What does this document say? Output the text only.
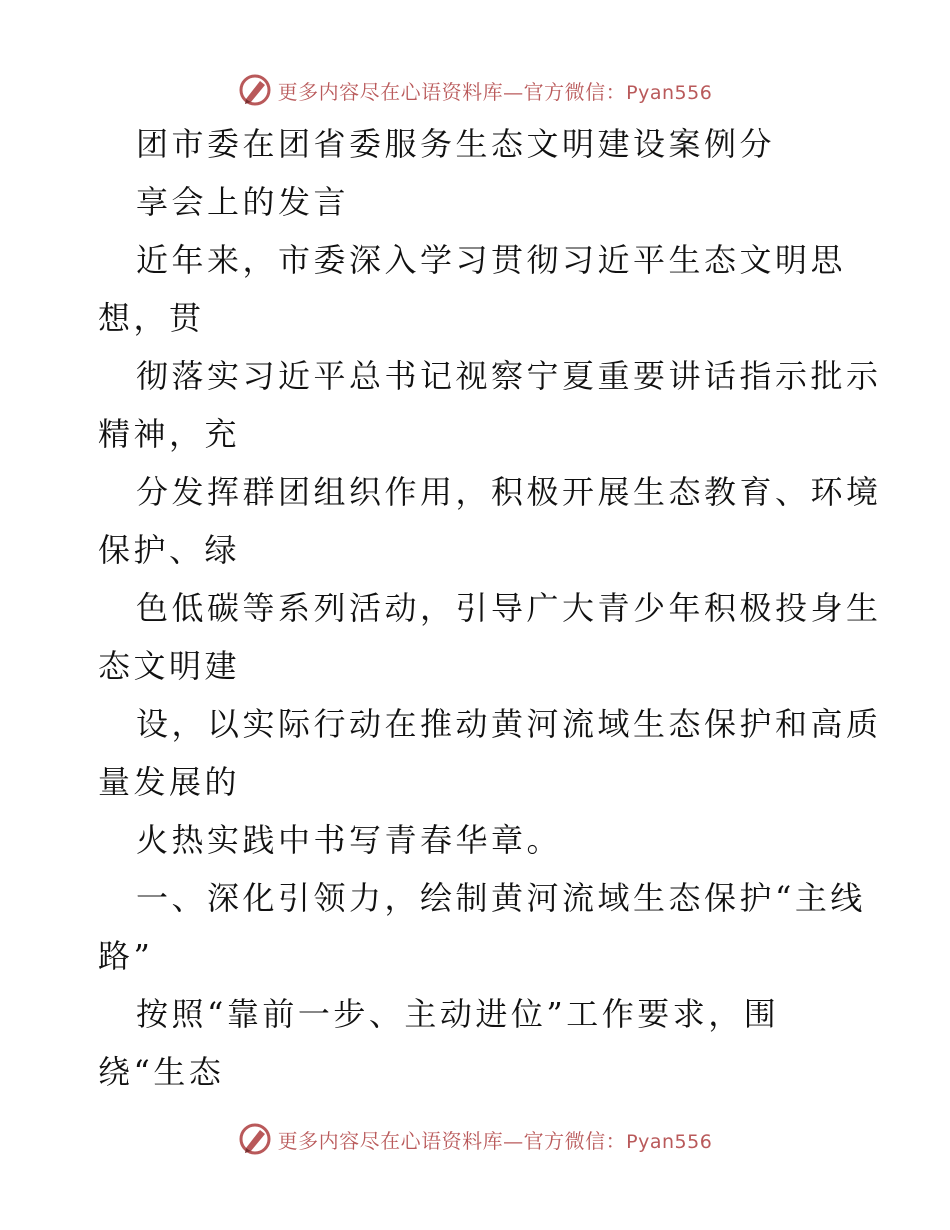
更多内容尽在心语资料库—官方微信：Pyan556
团市委在团省委服务生态文明建设案例分
享会上的发言
近年来，市委深入学习贯彻习近平生态文明思
想，贯
彻落实习近平总书记视察宁夏重要讲话指示批示
精神，充
分发挥群团组织作用，积极开展生态教育、环境
保护、绿
色低碳等系列活动，引导广大青少年积极投身生
态文明建
设，以实际行动在推动黄河流域生态保护和高质
量发展的
火热实践中书写青春华章。
一、深化引领力，绘制黄河流域生态保护“主线
路”
按照“靠前一步、主动进位”工作要求，围
绕“生态
更多内容尽在心语资料库—官方微信：Pyan556
